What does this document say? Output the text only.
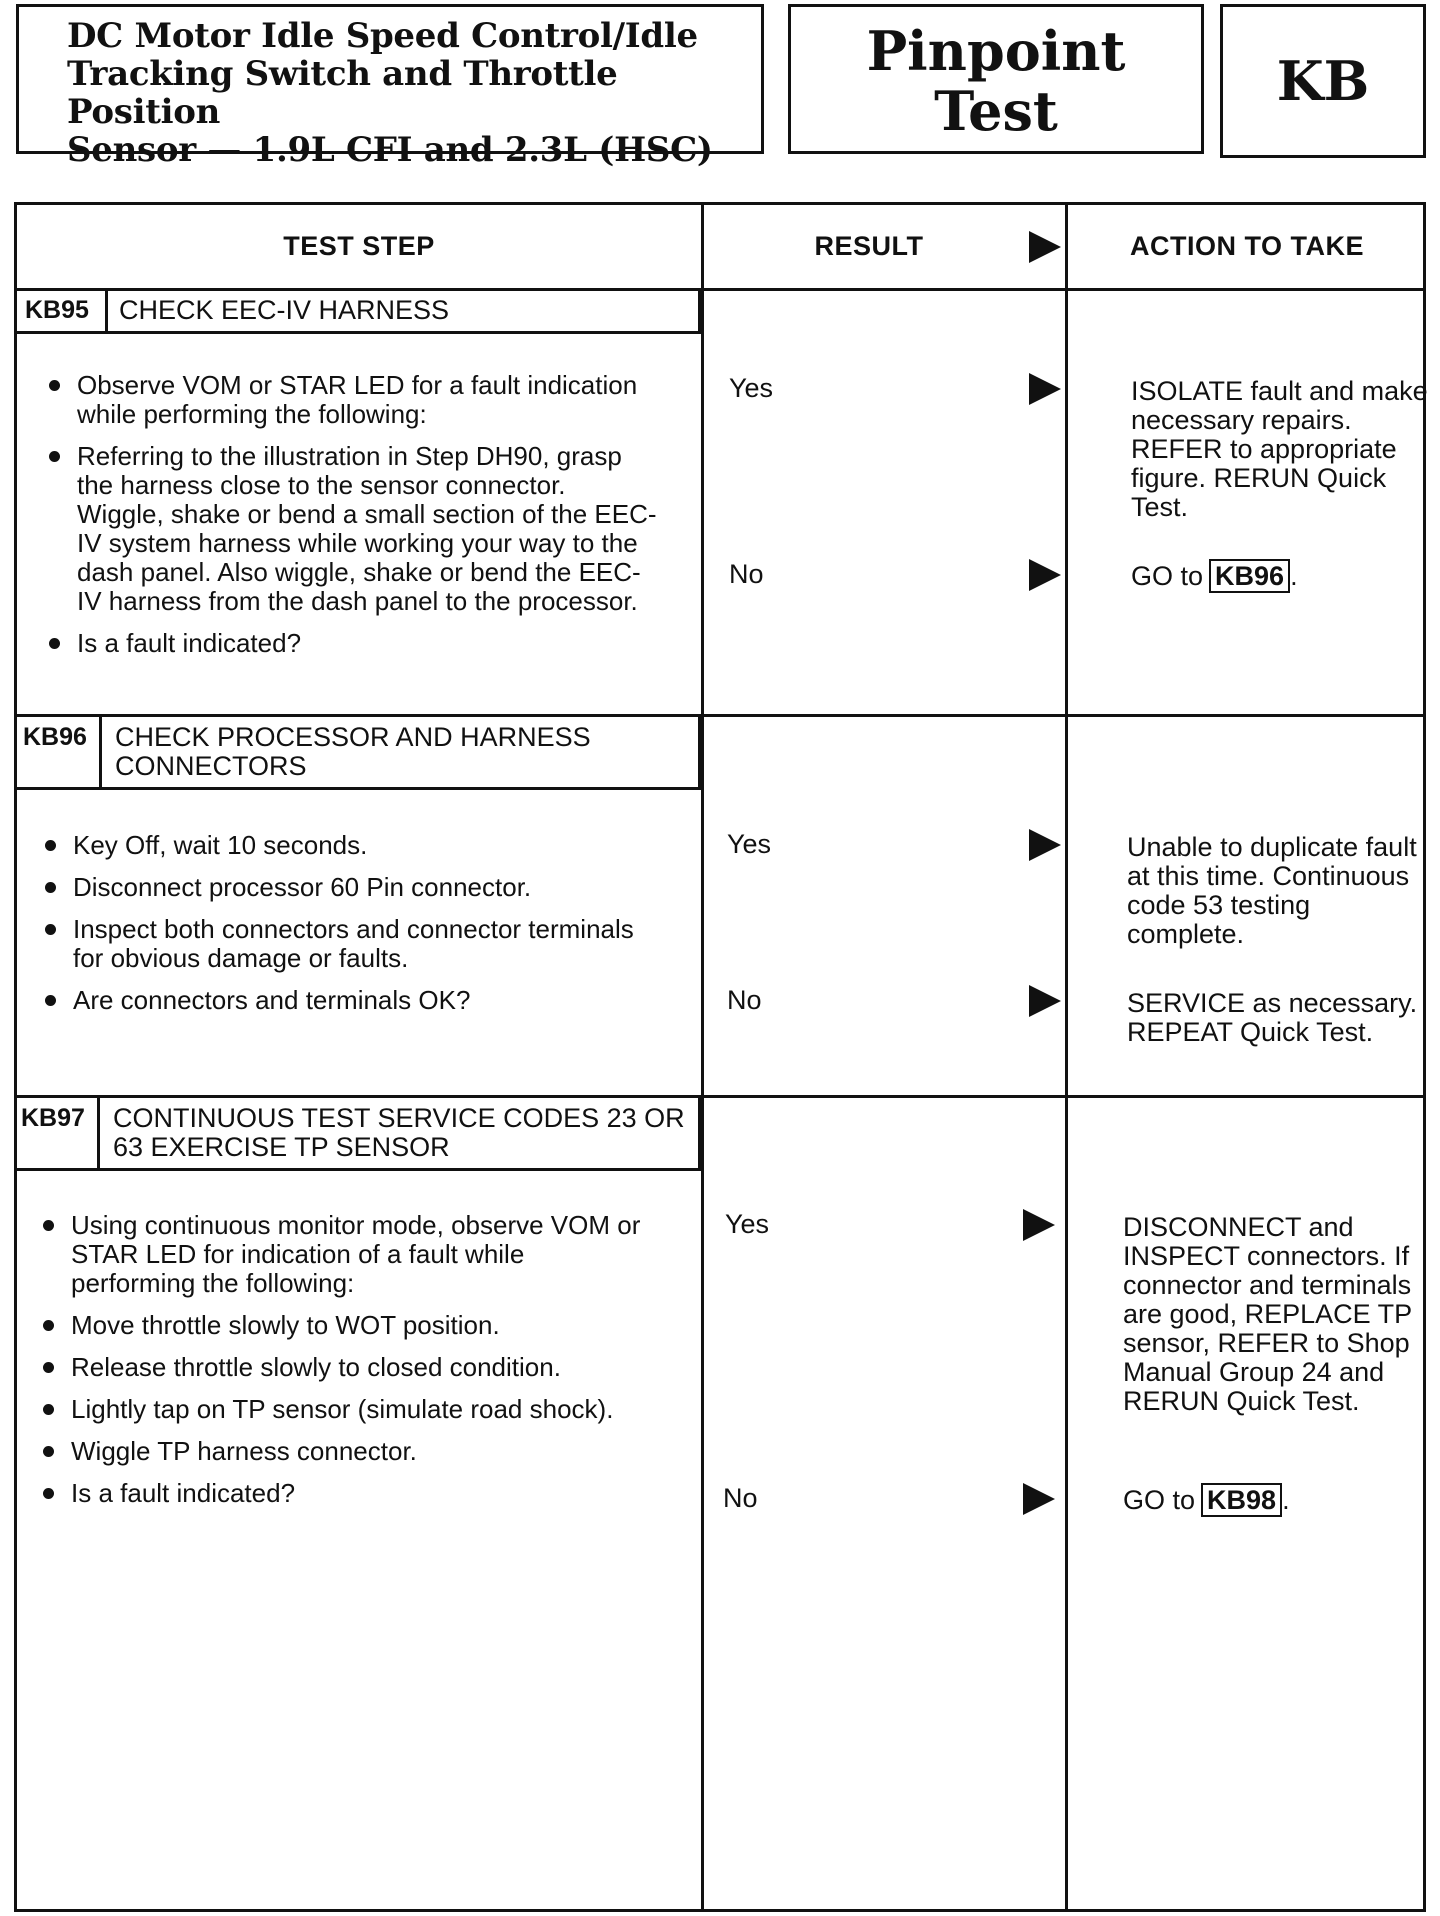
DC Motor Idle Speed Control/Idle
Tracking Switch and Throttle Position
Sensor — 1.9L CFI and 2.3L (HSC)
Pinpoint
Test	KB
TEST STEP	RESULT	ACTION TO TAKE
KB95 CHECK EEC-IV HARNESS
Observe VOM or STAR LED for a fault indication while performing the following:
Referring to the illustration in Step DH90, grasp the harness close to the sensor connector. Wiggle, shake or bend a small section of the EEC-IV system harness while working your way to the dash panel. Also wiggle, shake or bend the EEC-IV harness from the dash panel to the processor.
Is a fault indicated?
Yes	ISOLATE fault and make necessary repairs. REFER to appropriate figure. RERUN Quick Test.
No	GO to KB96 .
KB96 CHECK PROCESSOR AND HARNESS CONNECTORS
Key Off, wait 10 seconds.
Disconnect processor 60 Pin connector.
Inspect both connectors and connector terminals for obvious damage or faults.
Are connectors and terminals OK?
Yes	Unable to duplicate fault at this time. Continuous code 53 testing complete.
No	SERVICE as necessary. REPEAT Quick Test.
KB97 CONTINUOUS TEST SERVICE CODES 23 OR 63 EXERCISE TP SENSOR
Using continuous monitor mode, observe VOM or STAR LED for indication of a fault while performing the following:
Move throttle slowly to WOT position.
Release throttle slowly to closed condition.
Lightly tap on TP sensor (simulate road shock).
Wiggle TP harness connector.
Is a fault indicated?
Yes	DISCONNECT and INSPECT connectors. If connector and terminals are good, REPLACE TP sensor, REFER to Shop Manual Group 24 and RERUN Quick Test.
No	GO to KB98 .
